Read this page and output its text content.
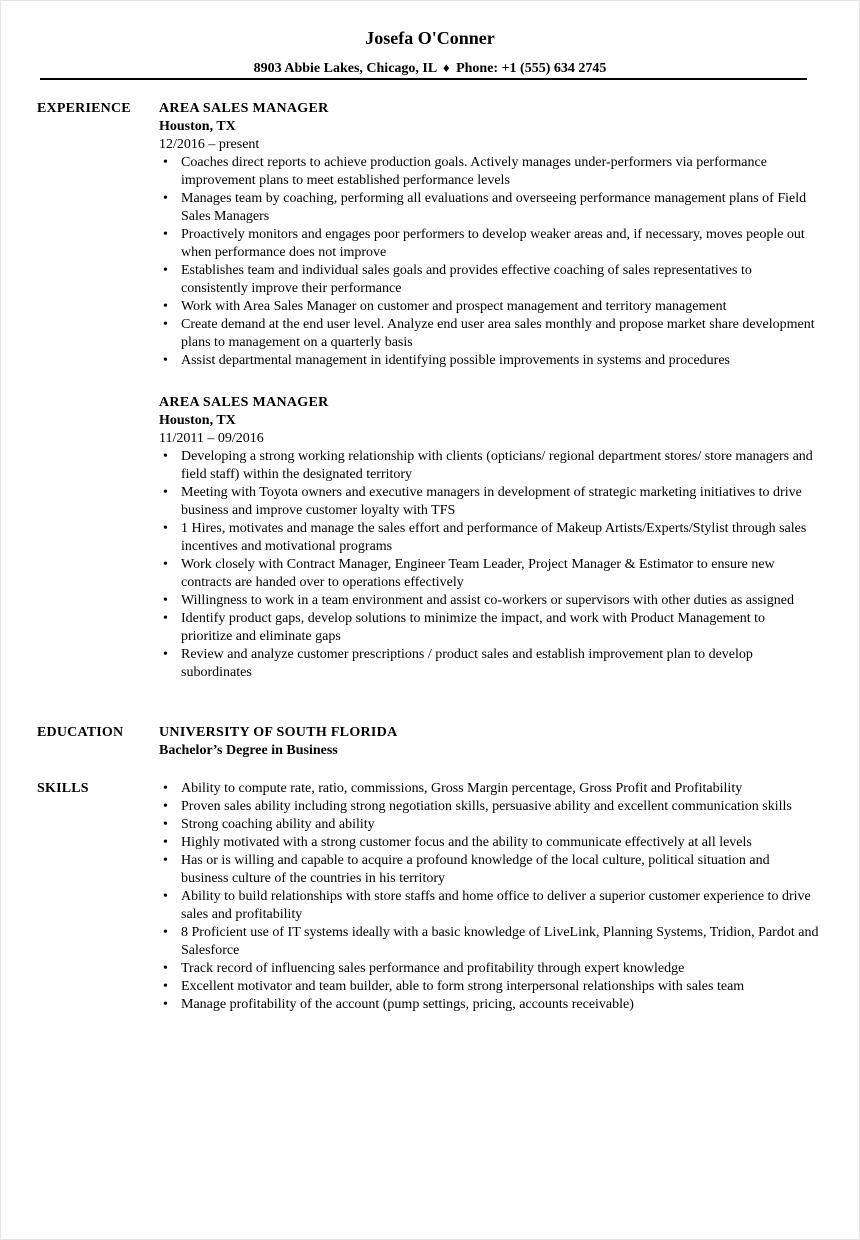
Josefa O'Conner
8903 Abbie Lakes, Chicago, IL ♦ Phone: +1 (555) 634 2745
EXPERIENCE	AREA SALES MANAGER
Houston, TX
12/2016 – present
• Coaches direct reports to achieve production goals. Actively manages under-performers via performance improvement plans to meet established performance levels
• Manages team by coaching, performing all evaluations and overseeing performance management plans of Field Sales Managers
• Proactively monitors and engages poor performers to develop weaker areas and, if necessary, moves people out when performance does not improve
• Establishes team and individual sales goals and provides effective coaching of sales representatives to consistently improve their performance
• Work with Area Sales Manager on customer and prospect management and territory management
• Create demand at the end user level. Analyze end user area sales monthly and propose market share development plans to management on a quarterly basis
• Assist departmental management in identifying possible improvements in systems and procedures
AREA SALES MANAGER
Houston, TX
11/2011 – 09/2016
• Developing a strong working relationship with clients (opticians/ regional department stores/ store managers and field staff) within the designated territory
• Meeting with Toyota owners and executive managers in development of strategic marketing initiatives to drive business and improve customer loyalty with TFS
• 1 Hires, motivates and manage the sales effort and performance of Makeup Artists/Experts/Stylist through sales incentives and motivational programs
• Work closely with Contract Manager, Engineer Team Leader, Project Manager & Estimator to ensure new contracts are handed over to operations effectively
• Willingness to work in a team environment and assist co-workers or supervisors with other duties as assigned
• Identify product gaps, develop solutions to minimize the impact, and work with Product Management to prioritize and eliminate gaps
• Review and analyze customer prescriptions / product sales and establish improvement plan to develop subordinates
EDUCATION	UNIVERSITY OF SOUTH FLORIDA
Bachelor’s Degree in Business
SKILLS	• Ability to compute rate, ratio, commissions, Gross Margin percentage, Gross Profit and Profitability
• Proven sales ability including strong negotiation skills, persuasive ability and excellent communication skills
• Strong coaching ability and ability
• Highly motivated with a strong customer focus and the ability to communicate effectively at all levels
• Has or is willing and capable to acquire a profound knowledge of the local culture, political situation and business culture of the countries in his territory
• Ability to build relationships with store staffs and home office to deliver a superior customer experience to drive sales and profitability
• 8 Proficient use of IT systems ideally with a basic knowledge of LiveLink, Planning Systems, Tridion, Pardot and Salesforce
• Track record of influencing sales performance and profitability through expert knowledge
• Excellent motivator and team builder, able to form strong interpersonal relationships with sales team
• Manage profitability of the account (pump settings, pricing, accounts receivable)
